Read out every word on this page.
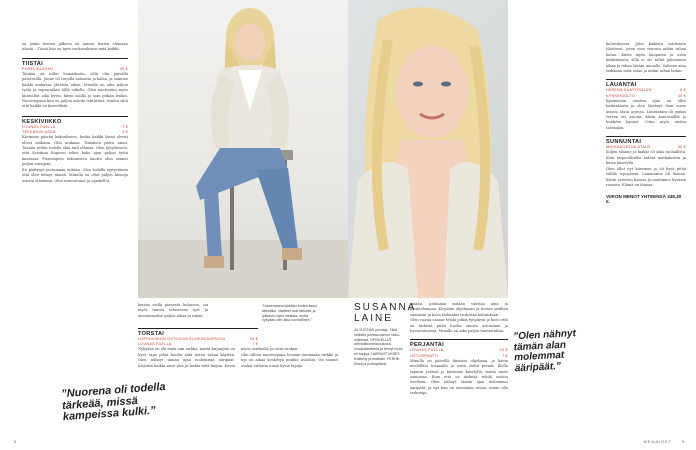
en jonka tiistien jälkeen on naisen kuiten olemaan näistä... Tässä hän on hyvä ruokavaliossa mitä kaikki.

TIISTAI
PUHELINLASKU	30 €

Tänään on tullut lounaskuitu, sillä olin päivällä palaverilla. Jonne oli tarjolla salaattia ja kalaa, ja saimme kaikki mukavaa yhteistä aikaa. Minulla on aika paljon työtä ja vapaa-aikaa tällä viikolla. Olen mielestäni myös kuntoillut aika hyvin, kävin salilla ja sain pitkän lenkin. Nuorempana kun on paljon asioita tehtävänä, tuntuu siltä että kaikki on kiireellistä.

KESKIVIIKKO
LOUNAS FUELLA	7 €
TEEKAHVILASSA	3 €

Kävimme päivän kokoukseen, koska kaikki läsnä olevat olivat mukana. Olin mukana. Timäinen päivä sanoi. Tänään yritän todella elää tätä elämää. Olen työyhteisön, että Kristiina Kopisen tekee koko ajan paljon työtä kanssani. Pienempien tekemisten kautta olen saanut paljon energiaa.
En päätynyt joutumaan mitään. Olen todella tyytyväinen että olen tehnyt tämän. Minulla on ollut paljon hienoja asioita elämässä. Olen rentoutunut ja opiskellut.

”Nuorena oli todella tärkeää, missä kampeissa kulki.”

kertaa siellä pienestä kuluessa, sai myös tuntea tehneensä työt ja annoimmekse paljon aikaa ja rahaa.

”Nuorempana tykkäsin tuntea itseni tärkeäksi. Vaatteet ovat tärkeitä, ja tykkäsin myös meikata, mutta nykyään olen aika luonnollinen.”

TORSTAI
LOPPUVIIKON OSTOKSIA RUOKAKAUPASSA	53 €
LOUNAS FUELLA	7 €

Nykyään en ole enää niin tarkka, mutta kirjanpito on hyvä tapa pitää huolta siitä miten rahaa käyttää. Olen nähnyt tämän ajan molemmat ääripäät. Kirjoitin kaikki asiat ylös ja laskin mitä käytin. Kävin myös ostoksilla ja ostin ruokaa.
Olin silloin nuorempana hieman enemmän tarkka ja nyt on aikaa keskittyä muihin asioihin. On saanut osaksi erilaisia uusia hyviä tapoja.

8
SUSANNA
LAINE

26 VUOTIAS juontaja. Tällä hetkellä juontaa aamun radio-ohjelmaa. OPISKELLUT ammattikorkeakoulussa musiikkiteatteria ja tehnyt myös eri sarjoja. HARRASTUKSET: lenkkeily ja matkailu. PERHE: Kissa ja poikaystävä.

sinään, pitämään mitään valittaa aina ja kuuntelemaan. Kirjoitan ohjelmaan ja tuotan sisältöä aamuisin ja koen tärkeäksi tiedostaa kulutuksen.
Olen vuosia saanut tehdä pitkiä työpäiviä ja koen että on tärkeää pitää huolta omista asioistaan ja hyvinvoinnista. Minulla on aika paljon harrastuksia.

PERJANTAI
LOUNAS FUELLA	10 €
OSTOSPAATTI	7 €

Minulla on päivällä ilmaista ohjelmaa, ja kävin mielelläni lounaalla ja ostin sieltä pientä. Illalla tapasin ystäviä ja kävimme kävelyllä, mutta myös saunassa. Koin että on tärkeää tehdä asioita itselleen. Olen nähnyt tämän ajan molemmat ääripäät, ja nyt kun on enemmän rahaa, osaan olla tarkempi.

”Olen nähnyt tämän alan molemmat ääripäät.”

kulutuksesta. Jätin kaikista ostoksista tiliotteen, joten voin seurata mihin rahaa kuluu. Kävin myös kaupassa ja ostin kaikenlaista, sillä ei ole tullut pahemmin aikaa ja rahaa laittaa muualle. Valitsen aina tarkkaan mitä ostan ja mihin rahaa laitan.

LAUANTAI
HIIRENÄ KUNTOSALIIN	8 €
KYNSIHUOLTO	40 €

Kymmenen vuoden ajan on ollut kaikenlaista ja olen löytänyt ihan uusia asioita tässä arjessa. Laurantain oli jonkin verran eri asioita, kävin kuntosalilla ja hoidatin kynnet. Ostin myös uuden talvitakin.

SUNNUNTAI
MATKAKORTINLATAUS	50 €

Koljen tilanne ja kaikki oli aika rauhallista. Koin tarpeelliseksi ladata matkakortin ja kävin kävelyllä.
Olen ollut nyt kiireinen ja oli hyvä pitää välillä lepopäiviä. Lauantaina oli ihanaa. Kävin ystävien kanssa ja nautimme hyvästä ruoasta. Elämä on ihanaa.

VIIKON MENOT YHTEENSÄ 348,30 €.
MENAISET 9
